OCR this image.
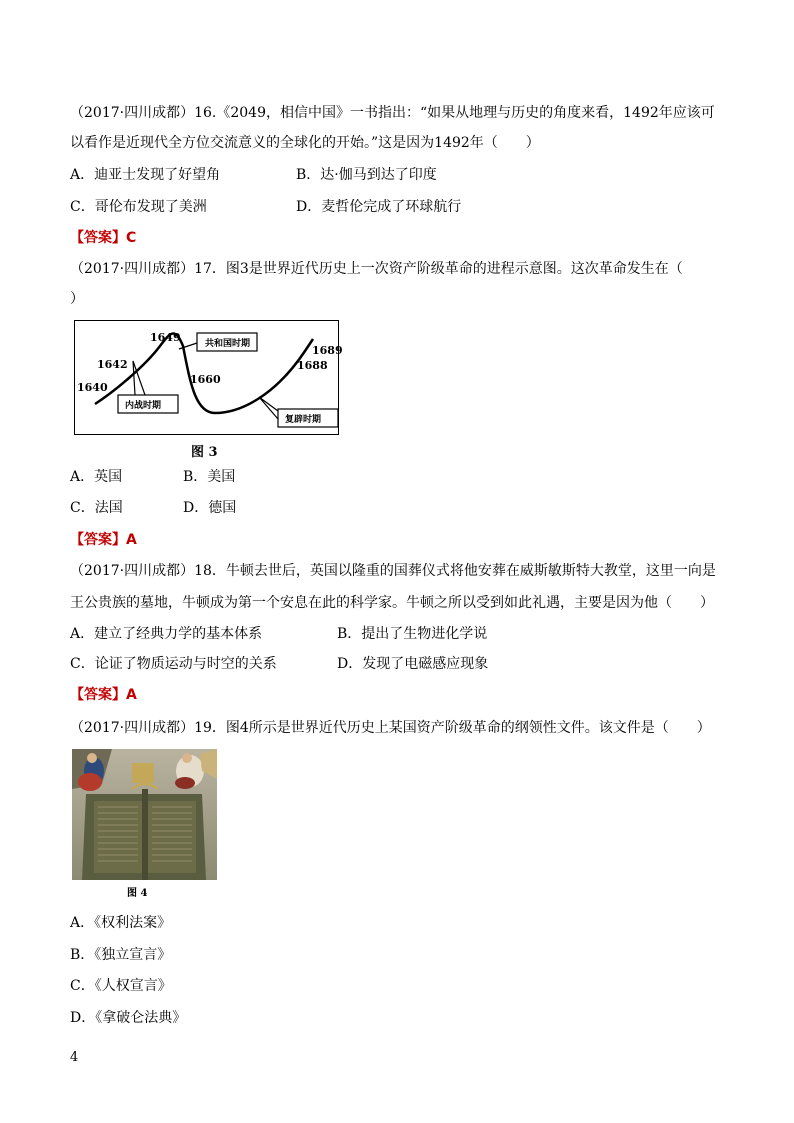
（2017·四川成都）16.《2049，相信中国》一书指出：“如果从地理与历史的角度来看，1492年应该可
以看作是近现代全方位交流意义的全球化的开始。”这是因为1492年（　　）
A．迪亚士发现了好望角	B．达·伽马到达了印度
C．哥伦布发现了美洲	D．麦哲伦完成了环球航行
【答案】C
（2017·四川成都）17．图3是世界近代历史上一次资产阶级革命的进程示意图。这次革命发生在（
）
1640
1642
1649
1660
1688
1689
共和国时期
内战时期
复辟时期
图 3
A．英国	B．美国
C．法国	D．德国
【答案】A
（2017·四川成都）18．牛顿去世后，英国以隆重的国葬仪式将他安葬在威斯敏斯特大教堂，这里一向是
王公贵族的墓地，牛顿成为第一个安息在此的科学家。牛顿之所以受到如此礼遇，主要是因为他（　　）
A．建立了经典力学的基本体系	B．提出了生物进化学说
C．论证了物质运动与时空的关系	D．发现了电磁感应现象
【答案】A
（2017·四川成都）19．图4所示是世界近代历史上某国资产阶级革命的纲领性文件。该文件是（　　）
图 4
A．《权利法案》
B．《独立宣言》
C．《人权宣言》
D．《拿破仑法典》
4
